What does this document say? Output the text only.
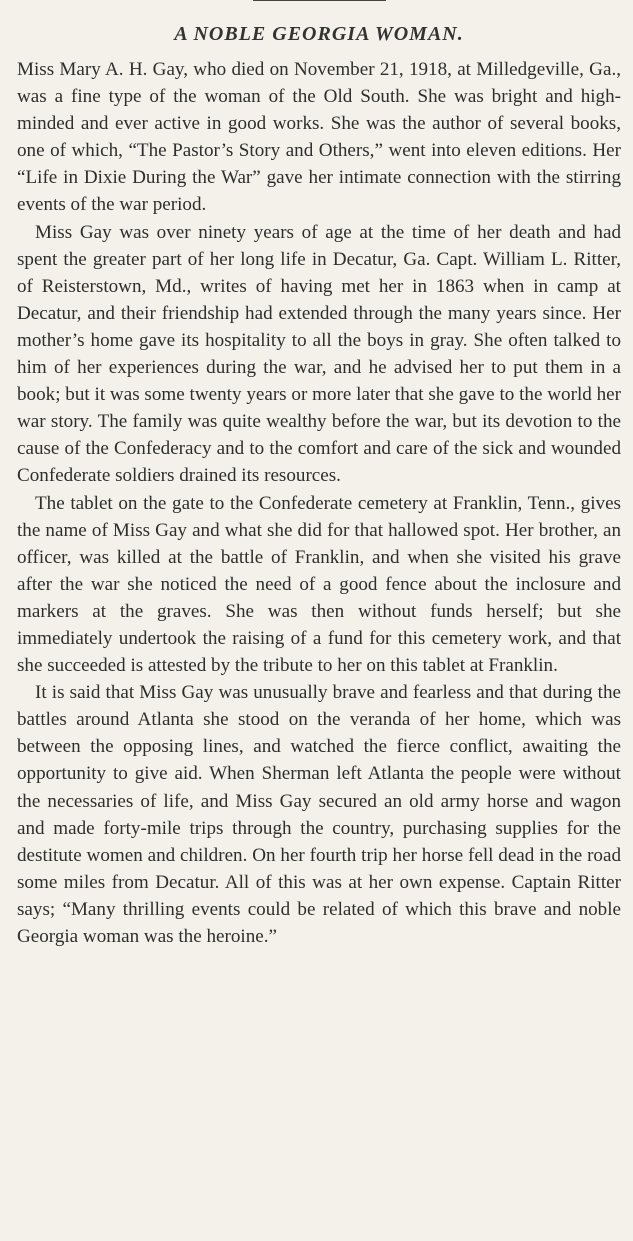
A NOBLE GEORGIA WOMAN.

Miss Mary A. H. Gay, who died on November 21, 1918, at Milledgeville, Ga., was a fine type of the woman of the Old South. She was bright and high-minded and ever active in good works. She was the author of several books, one of which, “The Pastor’s Story and Others,” went into eleven editions. Her “Life in Dixie During the War” gave her intimate connection with the stirring events of the war period.

Miss Gay was over ninety years of age at the time of her death and had spent the greater part of her long life in Decatur, Ga. Capt. William L. Ritter, of Reisterstown, Md., writes of having met her in 1863 when in camp at Decatur, and their friendship had extended through the many years since. Her mother’s home gave its hospitality to all the boys in gray. She often talked to him of her experiences during the war, and he advised her to put them in a book; but it was some twenty years or more later that she gave to the world her war story. The family was quite wealthy before the war, but its devotion to the cause of the Confederacy and to the comfort and care of the sick and wounded Confederate soldiers drained its resources.

The tablet on the gate to the Confederate cemetery at Franklin, Tenn., gives the name of Miss Gay and what she did for that hallowed spot. Her brother, an officer, was killed at the battle of Franklin, and when she visited his grave after the war she noticed the need of a good fence about the inclosure and markers at the graves. She was then without funds herself; but she immediately undertook the raising of a fund for this cemetery work, and that she succeeded is attested by the tribute to her on this tablet at Franklin.

It is said that Miss Gay was unusually brave and fearless and that during the battles around Atlanta she stood on the veranda of her home, which was between the opposing lines, and watched the fierce conflict, awaiting the opportunity to give aid. When Sherman left Atlanta the people were without the necessaries of life, and Miss Gay secured an old army horse and wagon and made forty-mile trips through the country, purchasing supplies for the destitute women and children. On her fourth trip her horse fell dead in the road some miles from Decatur. All of this was at her own expense. Captain Ritter says; “Many thrilling events could be related of which this brave and noble Georgia woman was the heroine.”
